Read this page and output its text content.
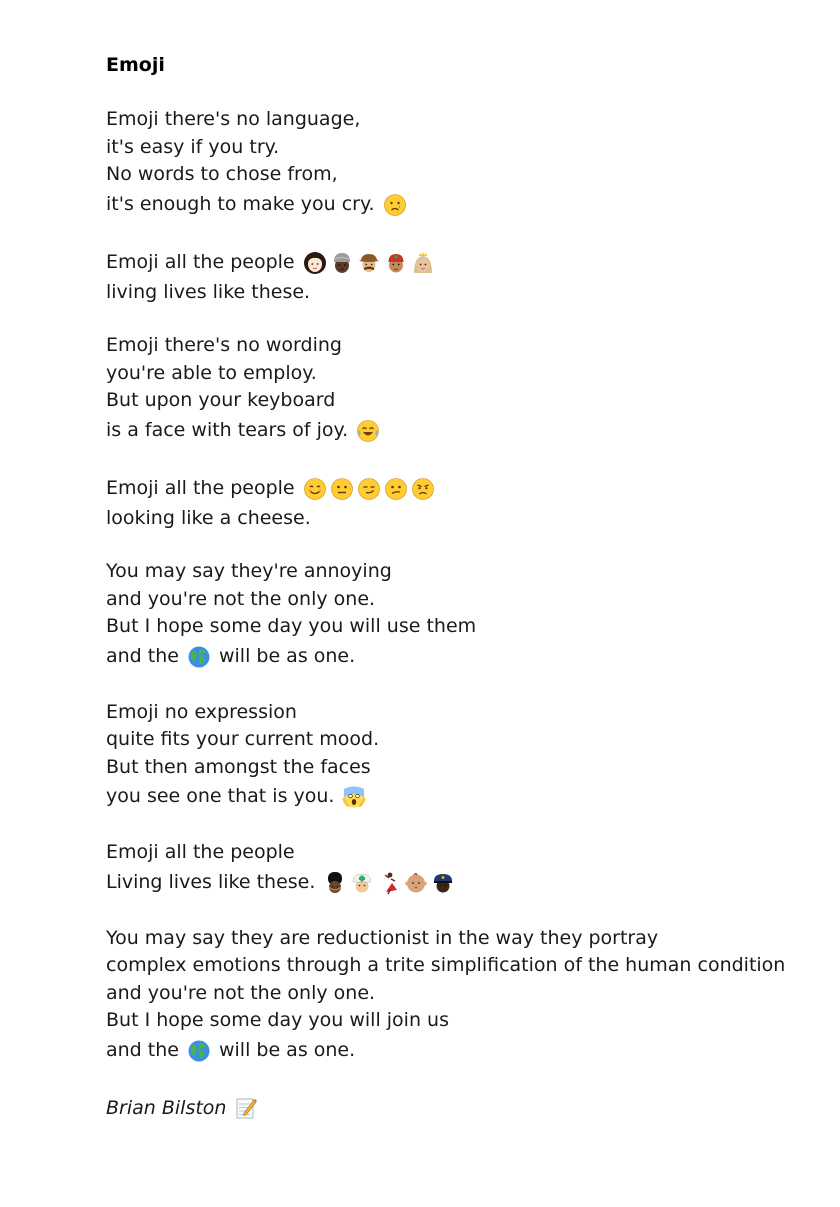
Emoji
Emoji there's no language,
it's easy if you try.
No words to chose from,
it's enough to make you cry.
Emoji all the people
living lives like these.
Emoji there's no wording
you're able to employ.
But upon your keyboard
is a face with tears of joy.
Emoji all the people
looking like a cheese.
You may say they're annoying
and you're not the only one.
But I hope some day you will use them
and the will be as one.
Emoji no expression
quite fits your current mood.
But then amongst the faces
you see one that is you.
Emoji all the people
Living lives like these.
You may say they are reductionist in the way they portray
complex emotions through a trite simplification of the human condition
and you're not the only one.
But I hope some day you will join us
and the will be as one.
Brian Bilston
